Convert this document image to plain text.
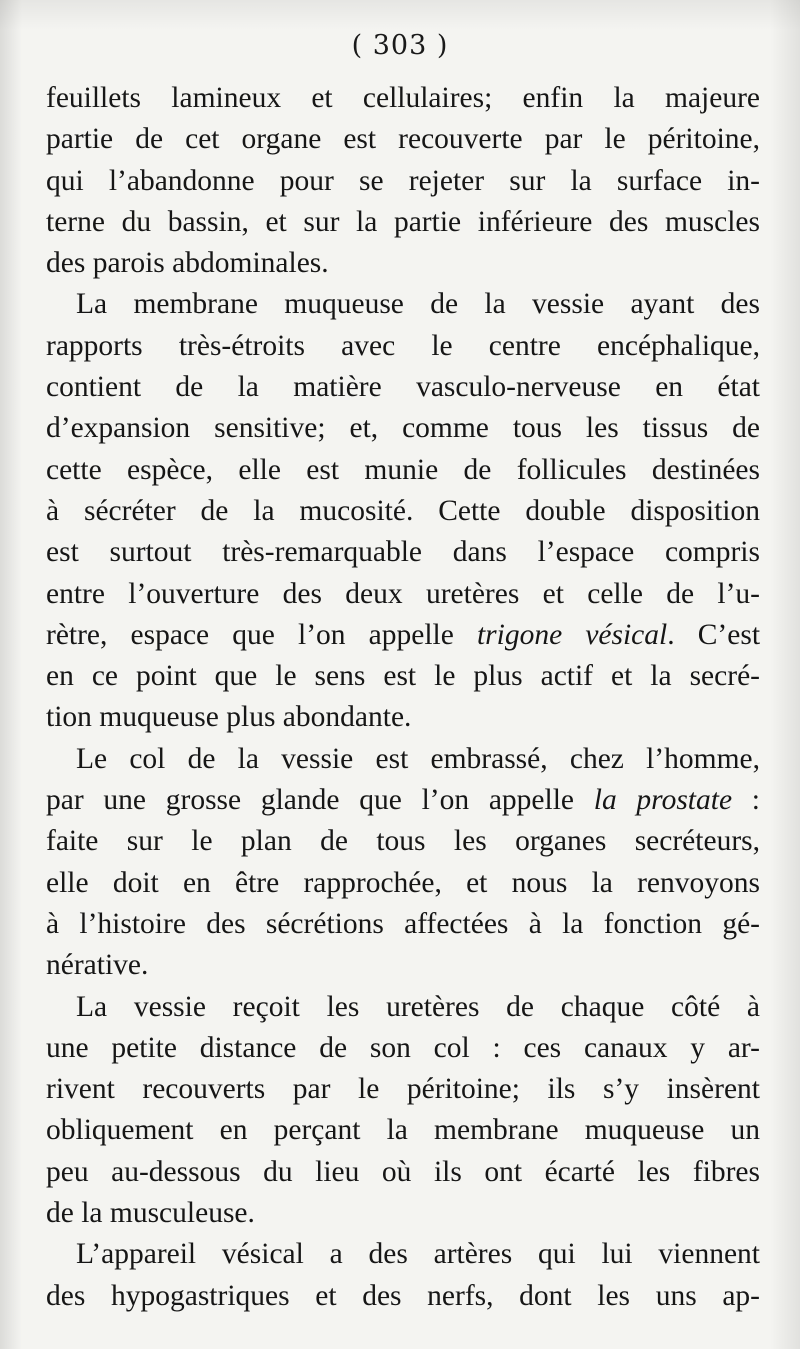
( 303 )
feuillets lamineux et cellulaires; enfin la majeure
partie de cet organe est recouverte par le péritoine,
qui l’abandonne pour se rejeter sur la surface in-
terne du bassin, et sur la partie inférieure des muscles
des parois abdominales.
La membrane muqueuse de la vessie ayant des
rapports très-étroits avec le centre encéphalique,
contient de la matière vasculo-nerveuse en état
d’expansion sensitive; et, comme tous les tissus de
cette espèce, elle est munie de follicules destinées
à sécréter de la mucosité. Cette double disposition
est surtout très-remarquable dans l’espace compris
entre l’ouverture des deux uretères et celle de l’u-
rètre, espace que l’on appelle trigone vésical. C’est
en ce point que le sens est le plus actif et la secré-
tion muqueuse plus abondante.
Le col de la vessie est embrassé, chez l’homme,
par une grosse glande que l’on appelle la prostate :
faite sur le plan de tous les organes secréteurs,
elle doit en être rapprochée, et nous la renvoyons
à l’histoire des sécrétions affectées à la fonction gé-
nérative.
La vessie reçoit les uretères de chaque côté à
une petite distance de son col : ces canaux y ar-
rivent recouverts par le péritoine; ils s’y insèrent
obliquement en perçant la membrane muqueuse un
peu au-dessous du lieu où ils ont écarté les fibres
de la musculeuse.
L’appareil vésical a des artères qui lui viennent
des hypogastriques et des nerfs, dont les uns ap-
